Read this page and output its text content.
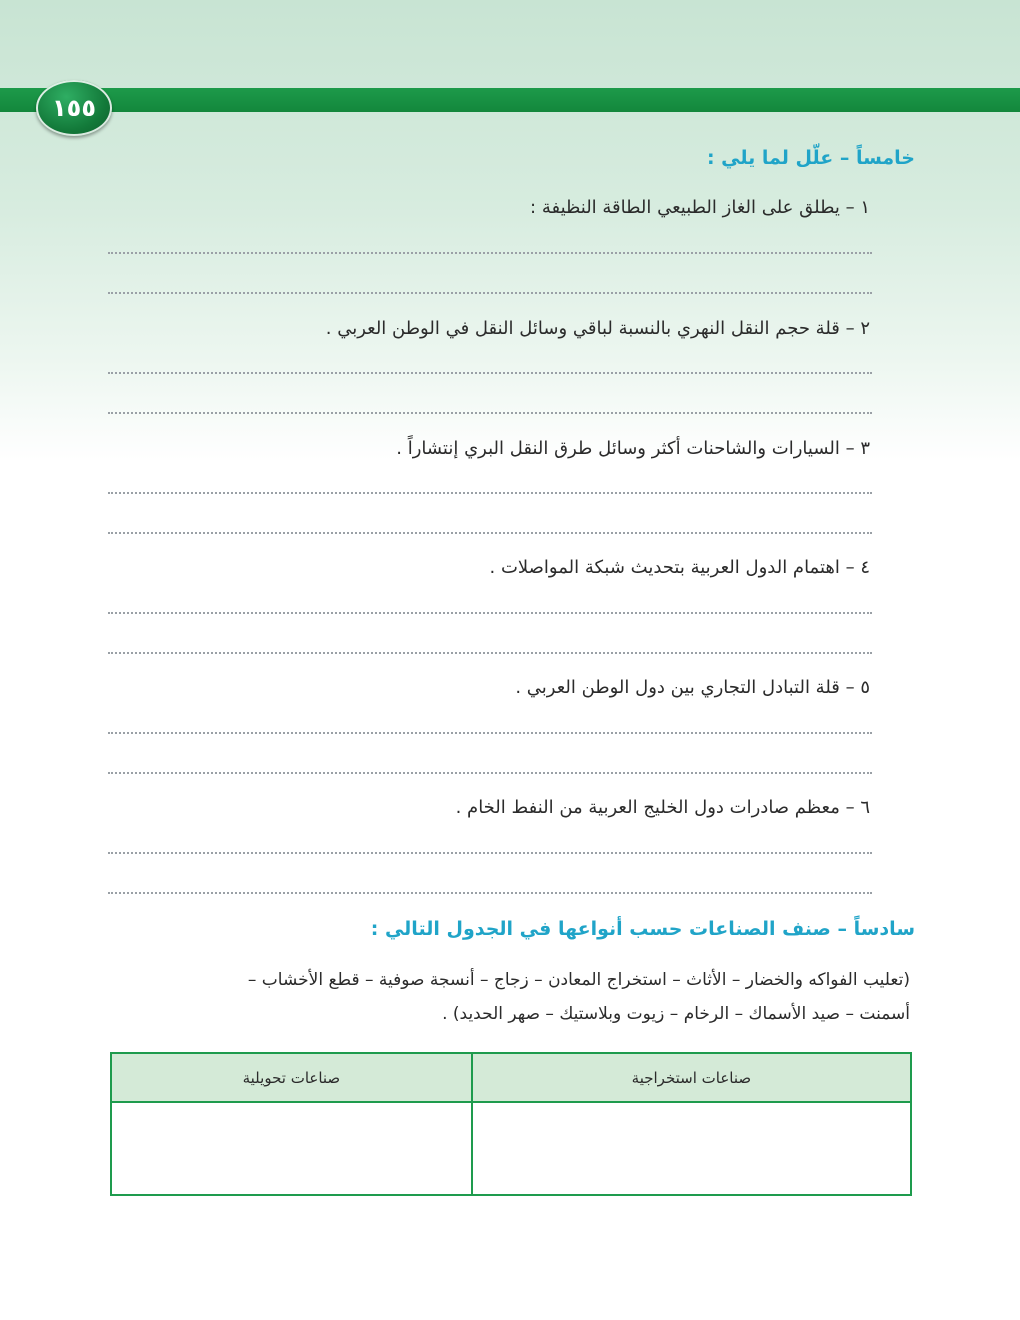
١٥٥
خامساً – علّل لما يلي :
١ – يطلق على الغاز الطبيعي الطاقة النظيفة :
٢ – قلة حجم النقل النهري بالنسبة لباقي وسائل النقل في الوطن العربي .
٣ – السيارات والشاحنات أكثر وسائل طرق النقل البري إنتشاراً .
٤ – اهتمام الدول العربية بتحديث شبكة المواصلات .
٥ – قلة التبادل التجاري بين دول الوطن العربي .
٦ – معظم صادرات دول الخليج العربية من النفط الخام .
سادساً – صنف الصناعات حسب أنواعها في الجدول التالي :

(تعليب الفواكه والخضار – الأثاث – استخراج المعادن – زجاج – أنسجة صوفية – قطع الأخشاب –

أسمنت – صيد الأسماك – الرخام – زيوت وبلاستيك – صهر الحديد) .

صناعات استخراجية	صناعات تحويلية
